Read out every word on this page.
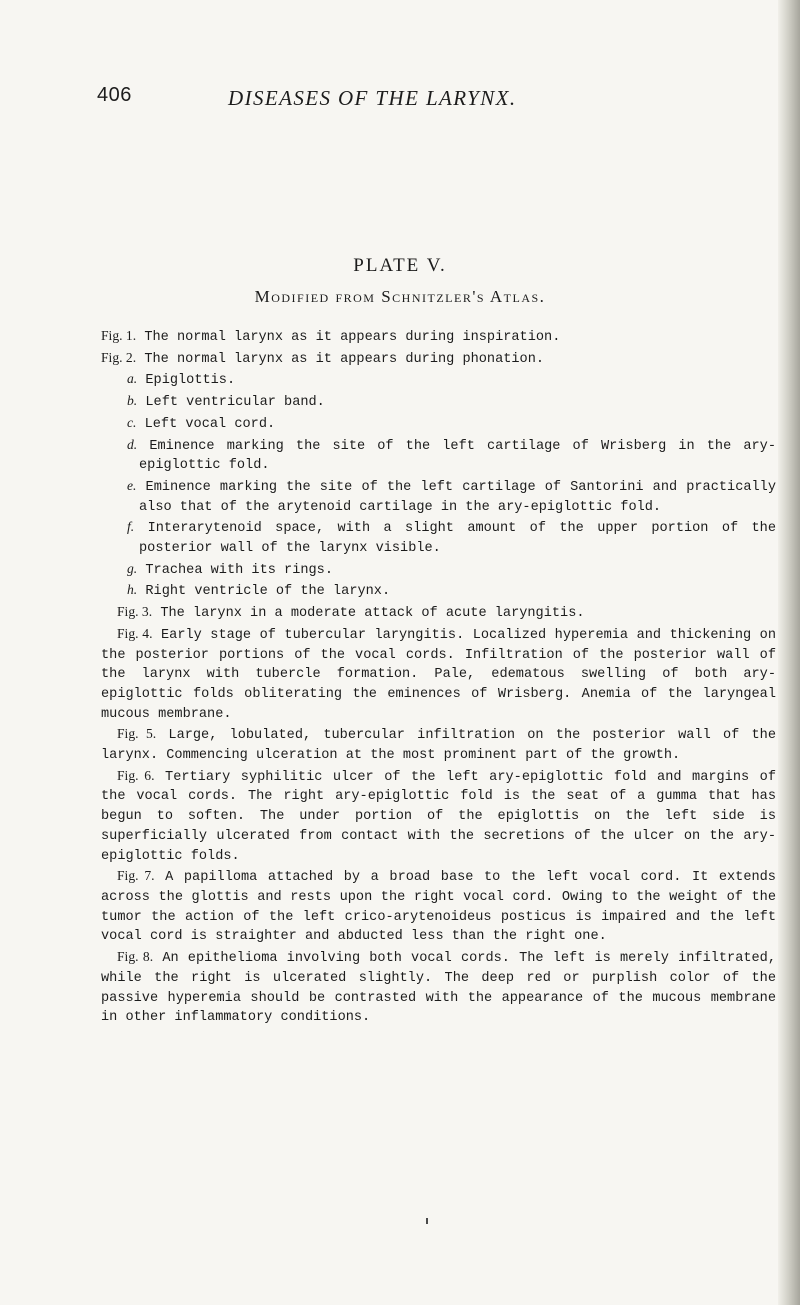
406	DISEASES OF THE LARYNX.
PLATE V.
Modified from Schnitzler's Atlas.

Fig. 1. The normal larynx as it appears during inspiration.

Fig. 2. The normal larynx as it appears during phonation.

a. Epiglottis.

b. Left ventricular band.

c. Left vocal cord.

d. Eminence marking the site of the left cartilage of Wrisberg in the ary-epiglottic fold.

e. Eminence marking the site of the left cartilage of Santorini and practically also that of the arytenoid cartilage in the ary-epiglottic fold.

f. Interarytenoid space, with a slight amount of the upper portion of the posterior wall of the larynx visible.

g. Trachea with its rings.

h. Right ventricle of the larynx.

Fig. 3. The larynx in a moderate attack of acute laryngitis.

Fig. 4. Early stage of tubercular laryngitis. Localized hyperemia and thickening on the posterior portions of the vocal cords. Infiltration of the posterior wall of the larynx with tubercle formation. Pale, edematous swelling of both ary-epiglottic folds obliterating the eminences of Wrisberg. Anemia of the laryngeal mucous membrane.

Fig. 5. Large, lobulated, tubercular infiltration on the posterior wall of the larynx. Commencing ulceration at the most prominent part of the growth.

Fig. 6. Tertiary syphilitic ulcer of the left ary-epiglottic fold and margins of the vocal cords. The right ary-epiglottic fold is the seat of a gumma that has begun to soften. The under portion of the epiglottis on the left side is superficially ulcerated from contact with the secretions of the ulcer on the ary-epiglottic folds.

Fig. 7. A papilloma attached by a broad base to the left vocal cord. It extends across the glottis and rests upon the right vocal cord. Owing to the weight of the tumor the action of the left crico-arytenoideus posticus is impaired and the left vocal cord is straighter and abducted less than the right one.

Fig. 8. An epithelioma involving both vocal cords. The left is merely infiltrated, while the right is ulcerated slightly. The deep red or purplish color of the passive hyperemia should be contrasted with the appearance of the mucous membrane in other inflammatory conditions.
